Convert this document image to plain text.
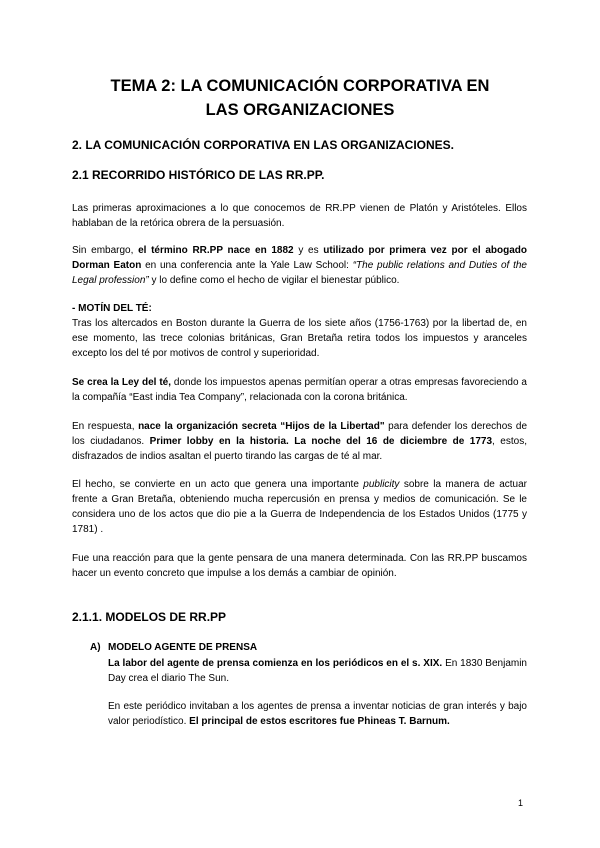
TEMA 2: LA COMUNICACIÓN CORPORATIVA EN
LAS ORGANIZACIONES
2. LA COMUNICACIÓN CORPORATIVA EN LAS ORGANIZACIONES.
2.1 RECORRIDO HISTÓRICO DE LAS RR.PP.

Las primeras aproximaciones a lo que conocemos de RR.PP vienen de Platón y Aristóteles. Ellos hablaban de la retórica obrera de la persuasión.

Sin embargo, el término RR.PP nace en 1882 y es utilizado por primera vez por el abogado Dorman Eaton en una conferencia ante la Yale Law School: “The public relations and Duties of the Legal profession” y lo define como el hecho de vigilar el bienestar público.

- MOTÍN DEL TÉ:
Tras los altercados en Boston durante la Guerra de los siete años (1756-1763) por la libertad de, en ese momento, las trece colonias británicas, Gran Bretaña retira todos los impuestos y aranceles excepto los del té por motivos de control y superioridad.

Se crea la Ley del té, donde los impuestos apenas permitían operar a otras empresas favoreciendo a la compañía “East india Tea Company”, relacionada con la corona británica.

En respuesta, nace la organización secreta “Hijos de la Libertad" para defender los derechos de los ciudadanos. Primer lobby en la historia. La noche del 16 de diciembre de 1773, estos, disfrazados de indios asaltan el puerto tirando las cargas de té al mar.

El hecho, se convierte en un acto que genera una importante publicity sobre la manera de actuar frente a Gran Bretaña, obteniendo mucha repercusión en prensa y medios de comunicación. Se le considera uno de los actos que dio pie a la Guerra de Independencia de los Estados Unidos (1775 y 1781) .

Fue una reacción para que la gente pensara de una manera determinada. Con las RR.PP buscamos hacer un evento concreto que impulse a los demás a cambiar de opinión.

2.1.1. MODELOS DE RR.PP

A) MODELO AGENTE DE PRENSA

La labor del agente de prensa comienza en los periódicos en el s. XIX. En 1830 Benjamin Day crea el diario The Sun.

En este periódico invitaban a los agentes de prensa a inventar noticias de gran interés y bajo valor periodístico. El principal de estos escritores fue Phineas T. Barnum.

1
